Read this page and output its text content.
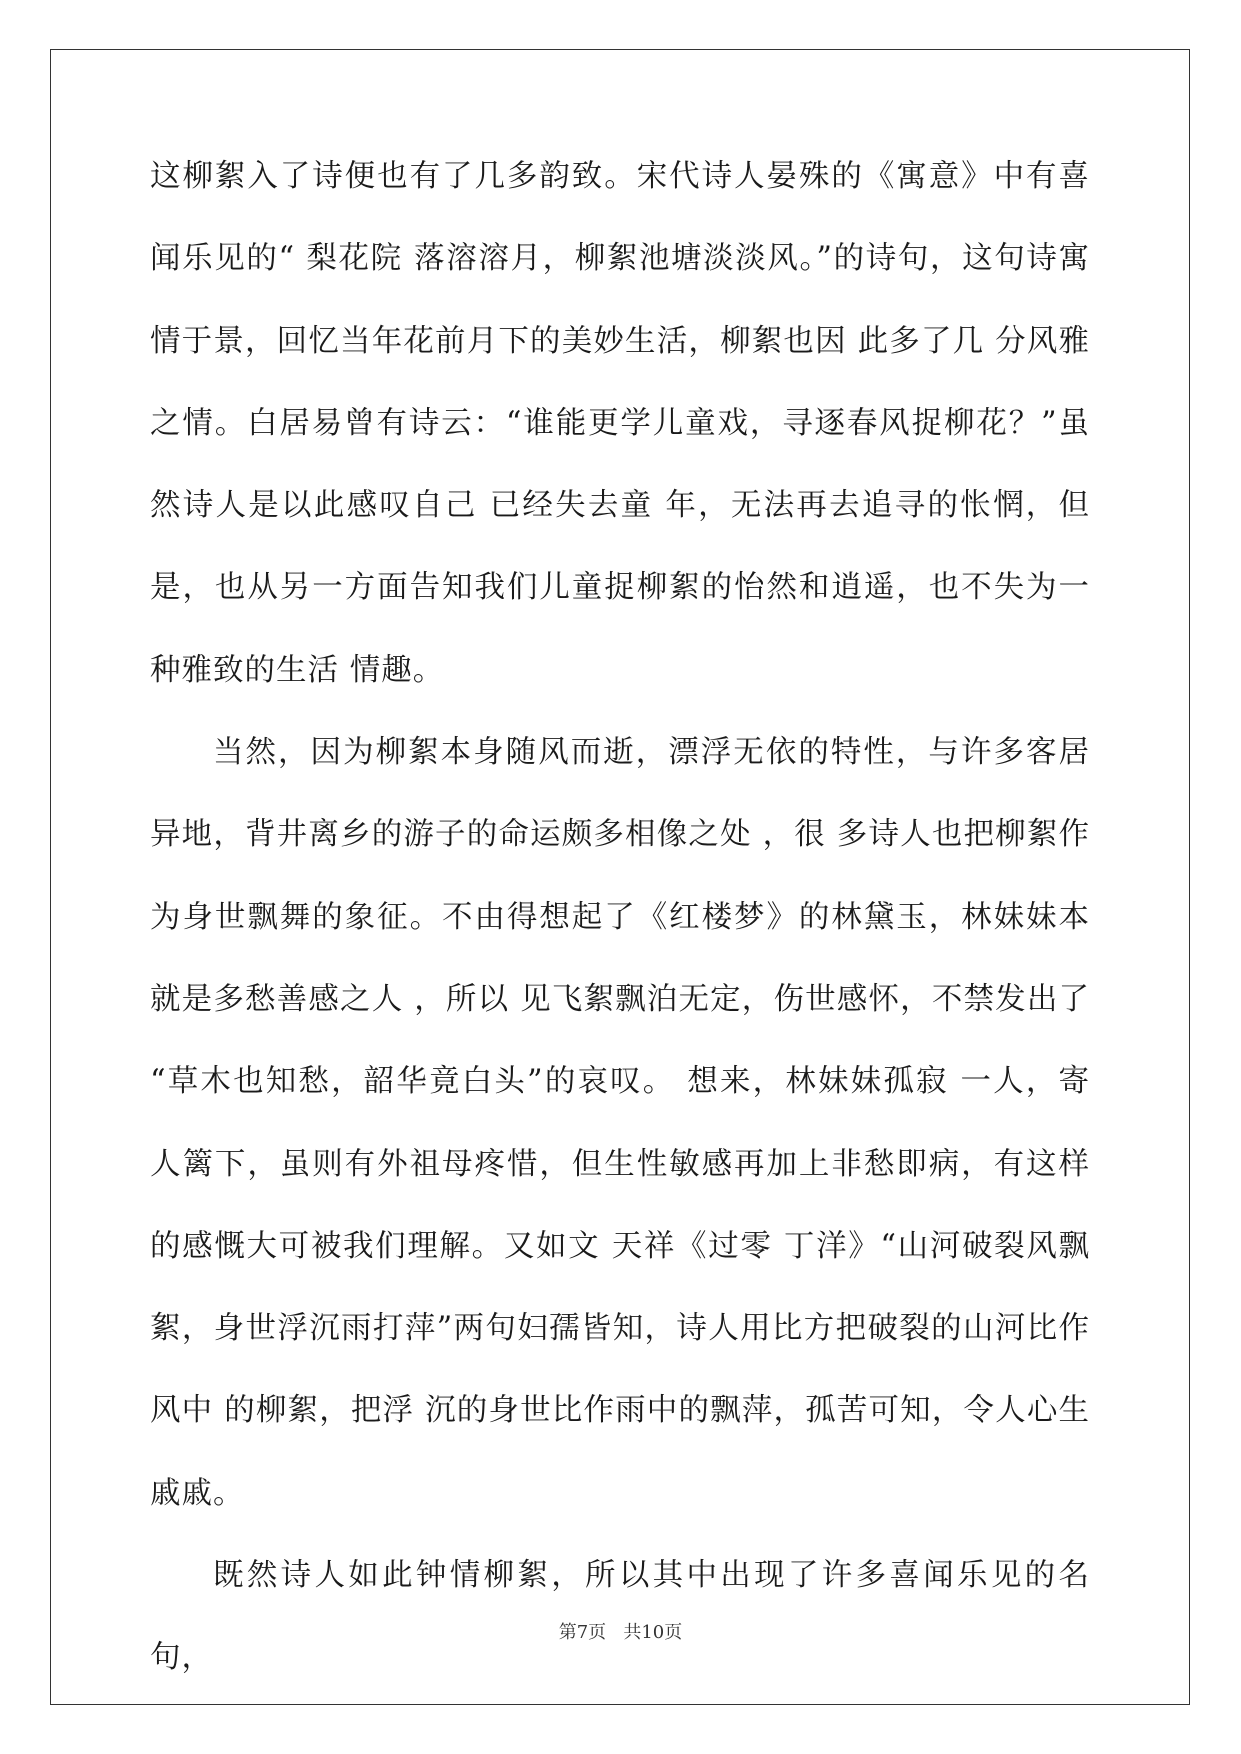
这柳絮入了诗便也有了几多韵致。宋代诗人晏殊的《寓意》中有喜闻乐见的“ 梨花院 落溶溶月，柳絮池塘淡淡风。”的诗句，这句诗寓情于景，回忆当年花前月下的美妙生活，柳絮也因 此多了几 分风雅之情。白居易曾有诗云：“谁能更学儿童戏，寻逐春风捉柳花？”虽然诗人是以此感叹自己 已经失去童 年，无法再去追寻的怅惘，但是，也从另一方面告知我们儿童捉柳絮的怡然和逍遥，也不失为一 种雅致的生活 情趣。

当然，因为柳絮本身随风而逝，漂浮无依的特性，与许多客居异地，背井离乡的游子的命运颇多相像之处 ，很 多诗人也把柳絮作为身世飘舞的象征。不由得想起了《红楼梦》的林黛玉，林妹妹本就是多愁善感之人 ，所以 见飞絮飘泊无定，伤世感怀，不禁发出了 “草木也知愁，韶华竟白头”的哀叹。 想来，林妹妹孤寂 一人，寄 人篱下，虽则有外祖母疼惜，但生性敏感再加上非愁即病，有这样的感慨大可被我们理解。又如文 天祥《过零 丁洋》“山河破裂风飘絮，身世浮沉雨打萍”两句妇孺皆知，诗人用比方把破裂的山河比作风中 的柳絮，把浮 沉的身世比作雨中的飘萍，孤苦可知，令人心生戚戚。

既然诗人如此钟情柳絮，所以其中出现了许多喜闻乐见的名句，

第7页   共10页
